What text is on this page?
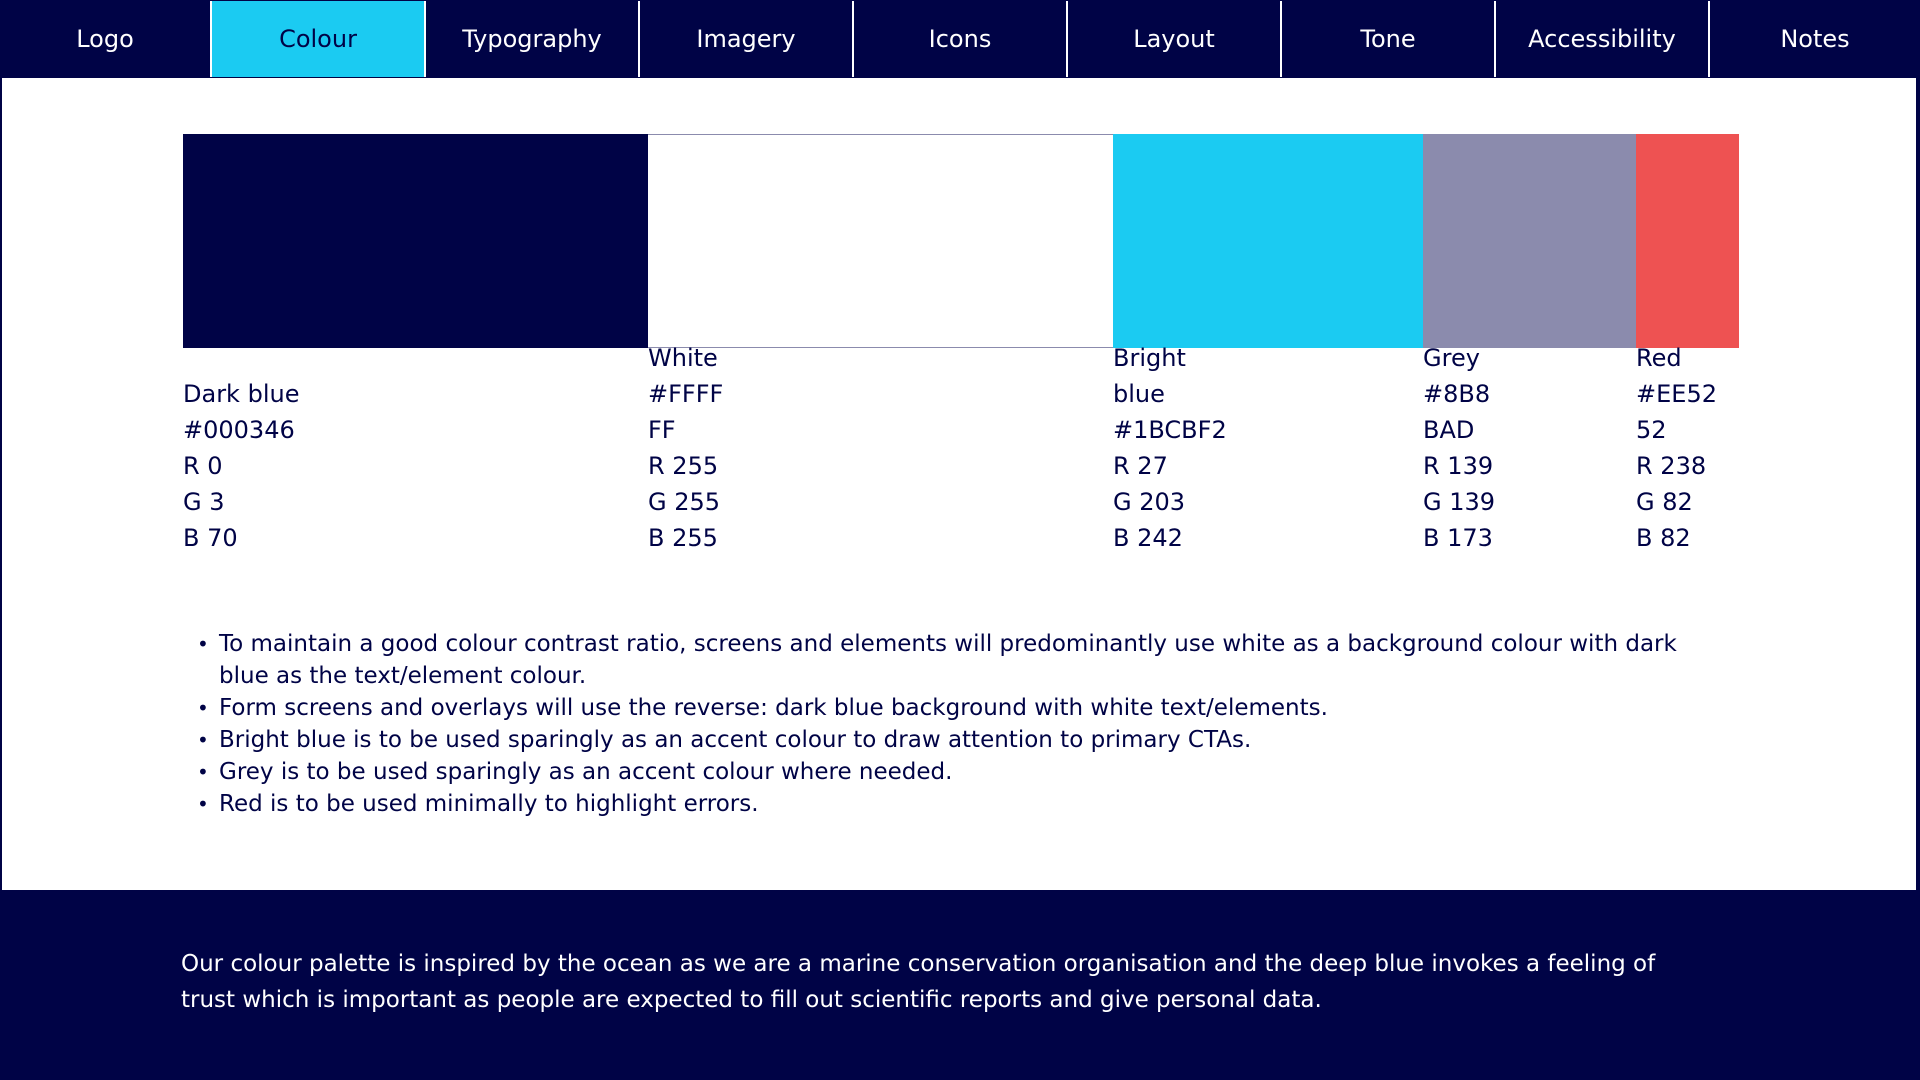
Logo	Colour	Typography	Imagery	Icons	Layout	Tone	Accessibility	Notes
Dark blue
#000346
R 0
G 3
B 70
White
#FFFFFF
R 255
G 255
B 255
Bright blue
#1BCBF2
R 27
G 203
B 242
Grey
#8B8BAD
R 139
G 139
B 173
Red
#EE5252
R 238
G 82
B 82
• To maintain a good colour contrast ratio, screens and elements will predominantly use white as a background colour with dark blue as the text/element colour.
• Form screens and overlays will use the reverse: dark blue background with white text/elements.
• Bright blue is to be used sparingly as an accent colour to draw attention to primary CTAs.
• Grey is to be used sparingly as an accent colour where needed.
• Red is to be used minimally to highlight errors.

Our colour palette is inspired by the ocean as we are a marine conservation organisation and the deep blue invokes a feeling of trust which is important as people are expected to fill out scientific reports and give personal data.
